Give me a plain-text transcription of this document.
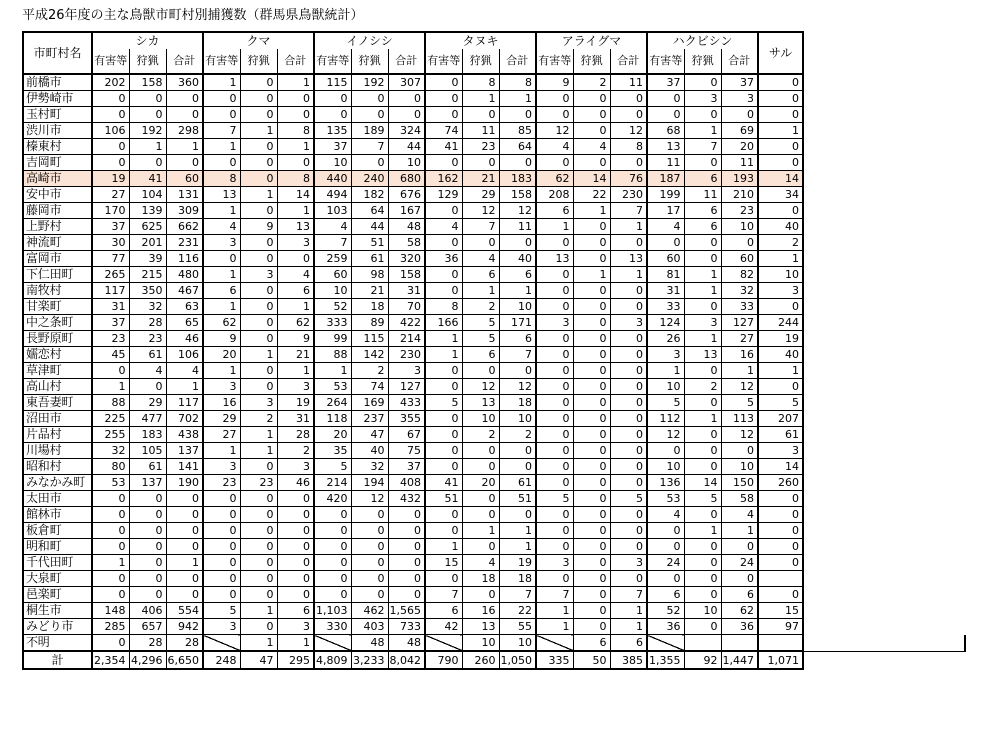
平成26年度の主な鳥獣市町村別捕獲数（群馬県鳥獣統計）
市町村名	シカ			クマ			イノシシ			タヌキ			アライグマ			ハクビシン			サル	
	有害等	狩猟	合計	有害等	狩猟	合計	有害等	狩猟	合計	有害等	狩猟	合計	有害等	狩猟	合計	有害等	狩猟	合計		
前橋市	202	158	360	1	0	1	115	192	307	0	8	8	9	2	11	37	0	37	0	
伊勢崎市	0	0	0	0	0	0	0	0	0	0	1	1	0	0	0	0	3	3	0	
玉村町	0	0	0	0	0	0	0	0	0	0	0	0	0	0	0	0	0	0	0	
渋川市	106	192	298	7	1	8	135	189	324	74	11	85	12	0	12	68	1	69	1	
榛東村	0	1	1	1	0	1	37	7	44	41	23	64	4	4	8	13	7	20	0	
吉岡町	0	0	0	0	0	0	10	0	10	0	0	0	0	0	0	11	0	11	0	
高崎市	19	41	60	8	0	8	440	240	680	162	21	183	62	14	76	187	6	193	14	
安中市	27	104	131	13	1	14	494	182	676	129	29	158	208	22	230	199	11	210	34	
藤岡市	170	139	309	1	0	1	103	64	167	0	12	12	6	1	7	17	6	23	0	
上野村	37	625	662	4	9	13	4	44	48	4	7	11	1	0	1	4	6	10	40	
神流町	30	201	231	3	0	3	7	51	58	0	0	0	0	0	0	0	0	0	2	
富岡市	77	39	116	0	0	0	259	61	320	36	4	40	13	0	13	60	0	60	1	
下仁田町	265	215	480	1	3	4	60	98	158	0	6	6	0	1	1	81	1	82	10	
南牧村	117	350	467	6	0	6	10	21	31	0	1	1	0	0	0	31	1	32	3	
甘楽町	31	32	63	1	0	1	52	18	70	8	2	10	0	0	0	33	0	33	0	
中之条町	37	28	65	62	0	62	333	89	422	166	5	171	3	0	3	124	3	127	244	
長野原町	23	23	46	9	0	9	99	115	214	1	5	6	0	0	0	26	1	27	19	
嬬恋村	45	61	106	20	1	21	88	142	230	1	6	7	0	0	0	3	13	16	40	
草津町	0	4	4	1	0	1	1	2	3	0	0	0	0	0	0	1	0	1	1	
高山村	1	0	1	3	0	3	53	74	127	0	12	12	0	0	0	10	2	12	0	
東吾妻町	88	29	117	16	3	19	264	169	433	5	13	18	0	0	0	5	0	5	5	
沼田市	225	477	702	29	2	31	118	237	355	0	10	10	0	0	0	112	1	113	207	
片品村	255	183	438	27	1	28	20	47	67	0	2	2	0	0	0	12	0	12	61	
川場村	32	105	137	1	1	2	35	40	75	0	0	0	0	0	0	0	0	0	3	
昭和村	80	61	141	3	0	3	5	32	37	0	0	0	0	0	0	10	0	10	14	
みなかみ町	53	137	190	23	23	46	214	194	408	41	20	61	0	0	0	136	14	150	260	
太田市	0	0	0	0	0	0	420	12	432	51	0	51	5	0	5	53	5	58	0	
館林市	0	0	0	0	0	0	0	0	0	0	0	0	0	0	0	4	0	4	0	
板倉町	0	0	0	0	0	0	0	0	0	0	1	1	0	0	0	0	1	1	0	
明和町	0	0	0	0	0	0	0	0	0	1	0	1	0	0	0	0	0	0	0	
千代田町	1	0	1	0	0	0	0	0	0	15	4	19	3	0	3	24	0	24	0	
大泉町	0	0	0	0	0	0	0	0	0	0	18	18	0	0	0	0	0	0		
邑楽町	0	0	0	0	0	0	0	0	0	7	0	7	7	0	7	6	0	6	0	
桐生市	148	406	554	5	1	6	1,103	462	1,565	6	16	22	1	0	1	52	10	62	15	
みどり市	285	657	942	3	0	3	330	403	733	42	13	55	1	0	1	36	0	36	97	
不明	0	28	28		1	1		48	48		10	10		6	6					
計	2,354	4,296	6,650	248	47	295	4,809	3,233	8,042	790	260	1,050	335	50	385	1,355	92	1,447	1,071	
